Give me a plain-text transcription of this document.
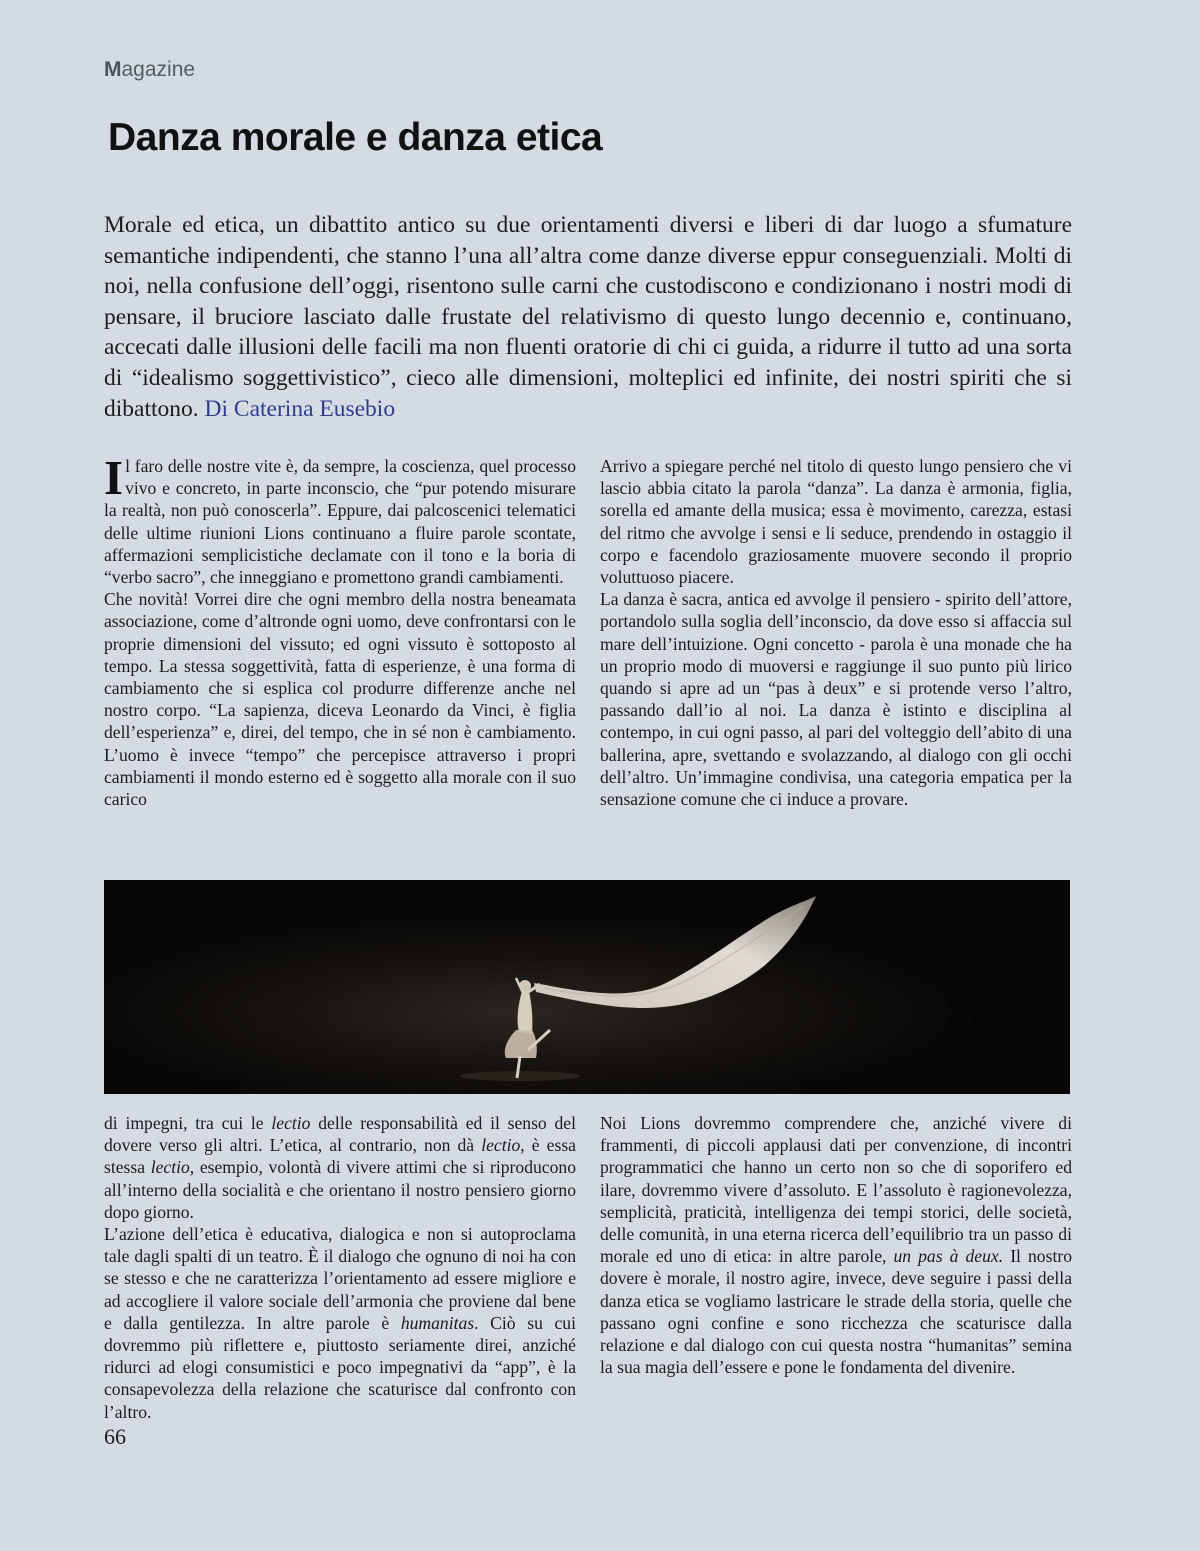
Magazine
Danza morale e danza etica

Morale ed etica, un dibattito antico su due orientamenti diversi e liberi di dar luogo a sfumature semantiche indipendenti, che stanno l’una all’altra come danze diverse eppur conseguenziali. Molti di noi, nella confusione dell’oggi, risentono sulle carni che custodiscono e condizionano i nostri modi di pensare, il bruciore lasciato dalle frustate del relativismo di questo lungo decennio e, continuano, accecati dalle illusioni delle facili ma non fluenti oratorie di chi ci guida, a ridurre il tutto ad una sorta di “idealismo soggettivistico”, cieco alle dimensioni, molteplici ed infinite, dei nostri spiriti che si dibattono. Di Caterina Eusebio

Il faro delle nostre vite è, da sempre, la coscienza, quel processo vivo e concreto, in parte inconscio, che “pur potendo misurare la realtà, non può conoscerla”. Eppure, dai palcoscenici telematici delle ultime riunioni Lions continuano a fluire parole scontate, affermazioni semplicistiche declamate con il tono e la boria di “verbo sacro”, che inneggiano e promettono grandi cambiamenti.

Che novità! Vorrei dire che ogni membro della nostra beneamata associazione, come d’altronde ogni uomo, deve confrontarsi con le proprie dimensioni del vissuto; ed ogni vissuto è sottoposto al tempo. La stessa soggettività, fatta di esperienze, è una forma di cambiamento che si esplica col produrre differenze anche nel nostro corpo. “La sapienza, diceva Leonardo da Vinci, è figlia dell’esperienza” e, direi, del tempo, che in sé non è cambiamento. L’uomo è invece “tempo” che percepisce attraverso i propri cambiamenti il mondo esterno ed è soggetto alla morale con il suo carico

Arrivo a spiegare perché nel titolo di questo lungo pensiero che vi lascio abbia citato la parola “danza”. La danza è armonia, figlia, sorella ed amante della musica; essa è movimento, carezza, estasi del ritmo che avvolge i sensi e li seduce, prendendo in ostaggio il corpo e facendolo graziosamente muovere secondo il proprio voluttuoso piacere.

La danza è sacra, antica ed avvolge il pensiero - spirito dell’attore, portandolo sulla soglia dell’inconscio, da dove esso si affaccia sul mare dell’intuizione. Ogni concetto - parola è una monade che ha un proprio modo di muoversi e raggiunge il suo punto più lirico quando si apre ad un “pas à deux” e si protende verso l’altro, passando dall’io al noi. La danza è istinto e disciplina al contempo, in cui ogni passo, al pari del volteggio dell’abito di una ballerina, apre, svettando e svolazzando, al dialogo con gli occhi dell’altro. Un’immagine condivisa, una categoria empatica per la sensazione comune che ci induce a provare.

di impegni, tra cui le lectio delle responsabilità ed il senso del dovere verso gli altri. L’etica, al contrario, non dà lectio, è essa stessa lectio, esempio, volontà di vivere attimi che si riproducono all’interno della socialità e che orientano il nostro pensiero giorno dopo giorno.

L’azione dell’etica è educativa, dialogica e non si autoproclama tale dagli spalti di un teatro. È il dialogo che ognuno di noi ha con se stesso e che ne caratterizza l’orientamento ad essere migliore e ad accogliere il valore sociale dell’armonia che proviene dal bene e dalla gentilezza. In altre parole è humanitas. Ciò su cui dovremmo più riflettere e, piuttosto seriamente direi, anziché ridurci ad elogi consumistici e poco impegnativi da “app”, è la consapevolezza della relazione che scaturisce dal confronto con l’altro.

Noi Lions dovremmo comprendere che, anziché vivere di frammenti, di piccoli applausi dati per convenzione, di incontri programmatici che hanno un certo non so che di soporifero ed ilare, dovremmo vivere d’assoluto. E l’assoluto è ragionevolezza, semplicità, praticità, intelligenza dei tempi storici, delle società, delle comunità, in una eterna ricerca dell’equilibrio tra un passo di morale ed uno di etica: in altre parole, un pas à deux. Il nostro dovere è morale, il nostro agire, invece, deve seguire i passi della danza etica se vogliamo lastricare le strade della storia, quelle che passano ogni confine e sono ricchezza che scaturisce dalla relazione e dal dialogo con cui questa nostra “humanitas” semina la sua magia dell’essere e pone le fondamenta del divenire.

66
